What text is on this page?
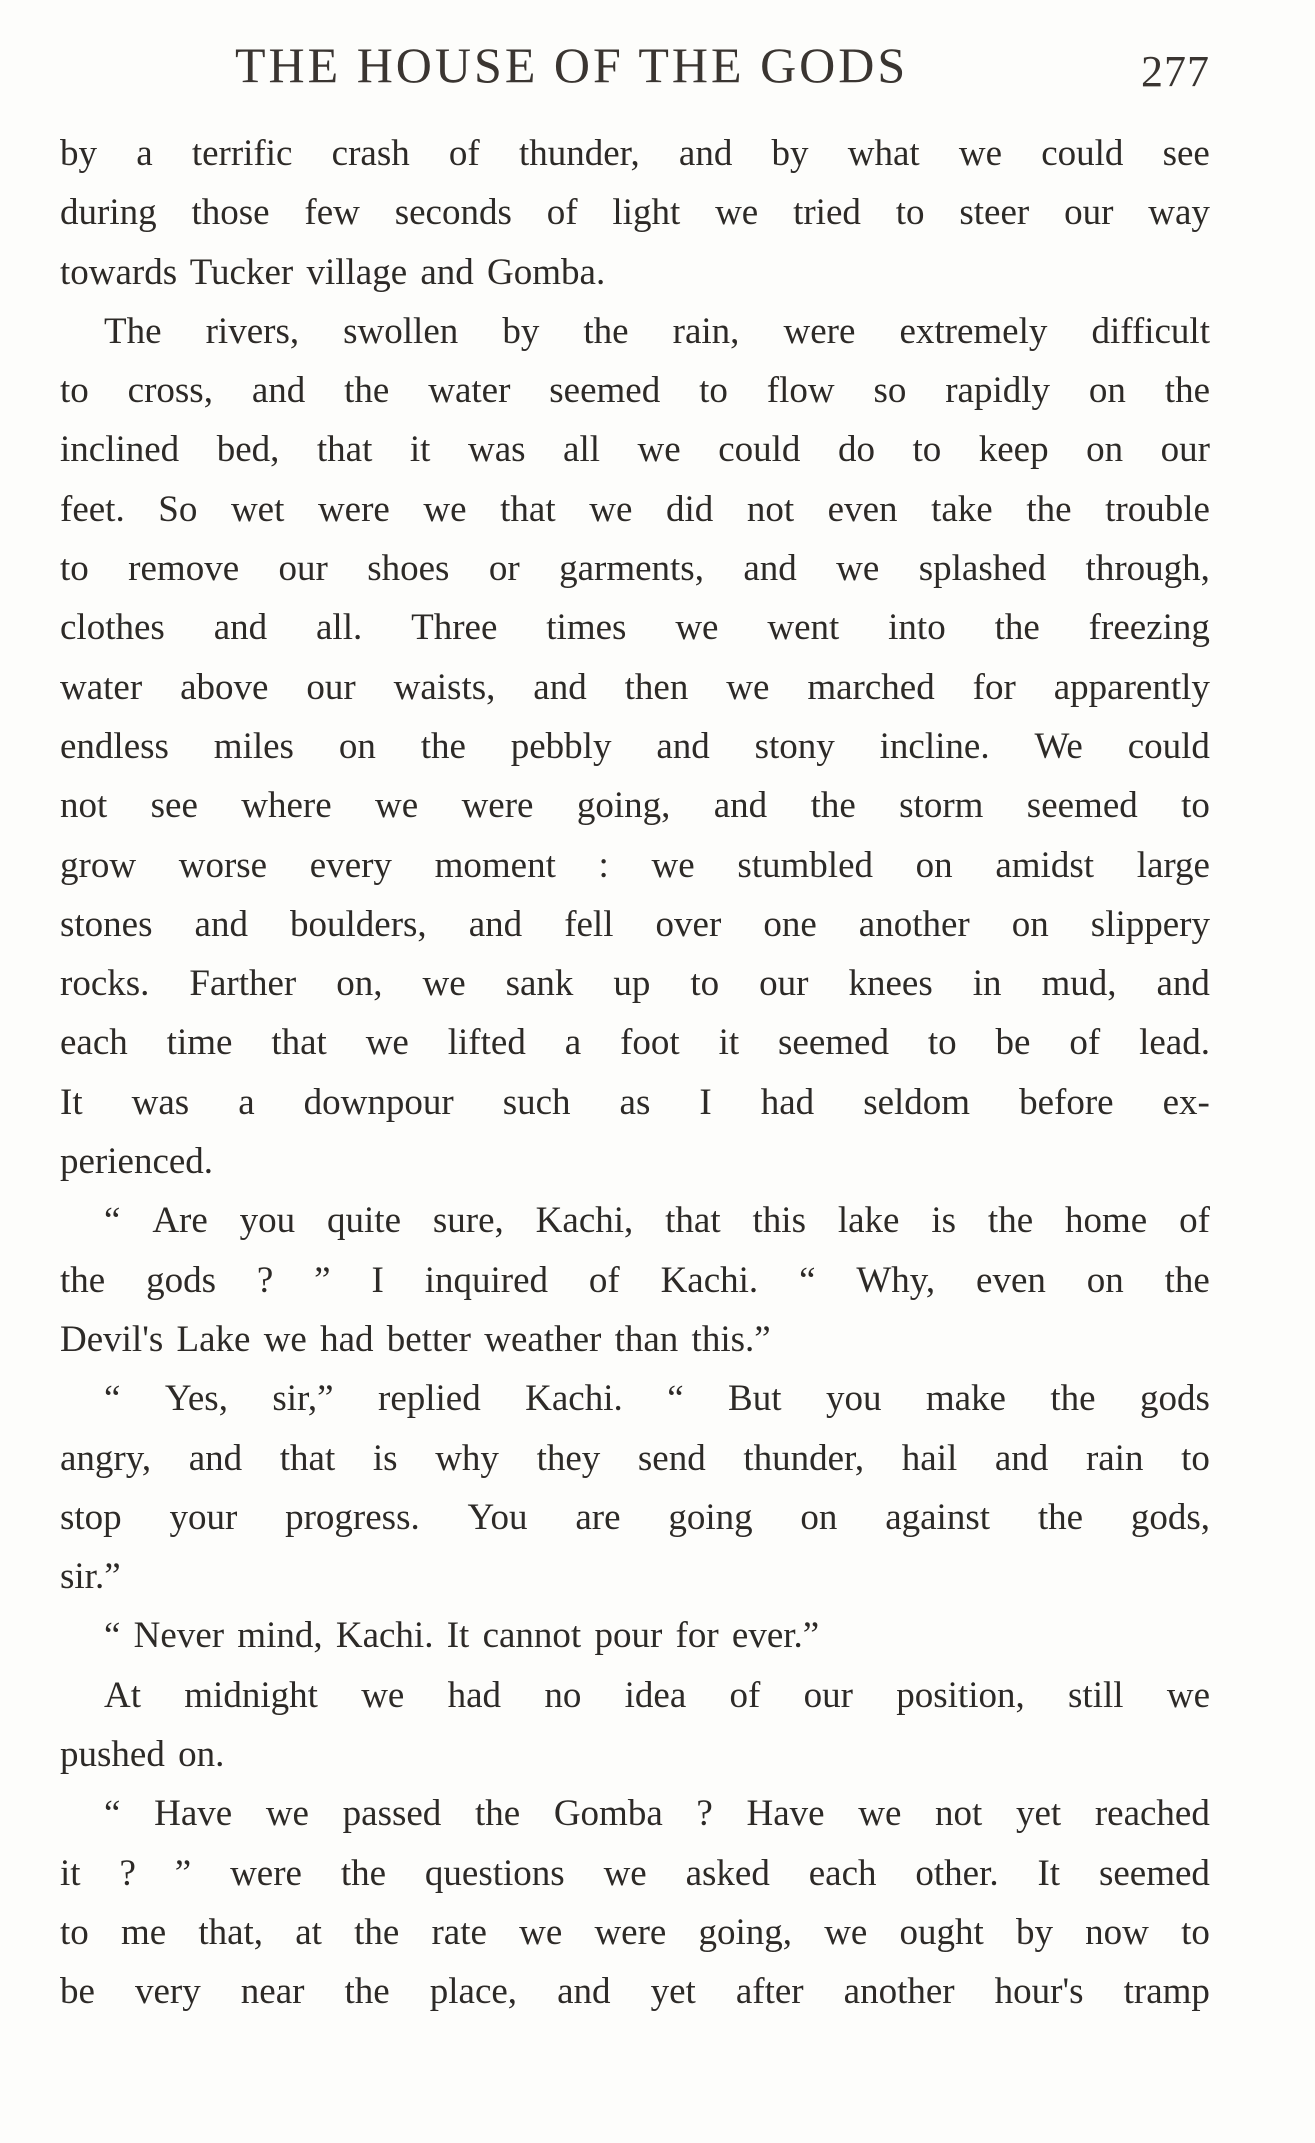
THE HOUSE OF THE GODS	277
by a terrific crash of thunder, and by what we could see
during those few seconds of light we tried to steer our way
towards Tucker village and Gomba.
The rivers, swollen by the rain, were extremely difficult
to cross, and the water seemed to flow so rapidly on the
inclined bed, that it was all we could do to keep on our
feet. So wet were we that we did not even take the trouble
to remove our shoes or garments, and we splashed through,
clothes and all. Three times we went into the freezing
water above our waists, and then we marched for apparently
endless miles on the pebbly and stony incline. We could
not see where we were going, and the storm seemed to
grow worse every moment : we stumbled on amidst large
stones and boulders, and fell over one another on slippery
rocks. Farther on, we sank up to our knees in mud, and
each time that we lifted a foot it seemed to be of lead.
It was a downpour such as I had seldom before ex-
perienced.
“ Are you quite sure, Kachi, that this lake is the home of
the gods ? ” I inquired of Kachi. “ Why, even on the
Devil's Lake we had better weather than this.”
“ Yes, sir,” replied Kachi. “ But you make the gods
angry, and that is why they send thunder, hail and rain to
stop your progress. You are going on against the gods,
sir.”
“ Never mind, Kachi. It cannot pour for ever.”
At midnight we had no idea of our position, still we
pushed on.
“ Have we passed the Gomba ? Have we not yet reached
it ? ” were the questions we asked each other. It seemed
to me that, at the rate we were going, we ought by now to
be very near the place, and yet after another hour's tramp
